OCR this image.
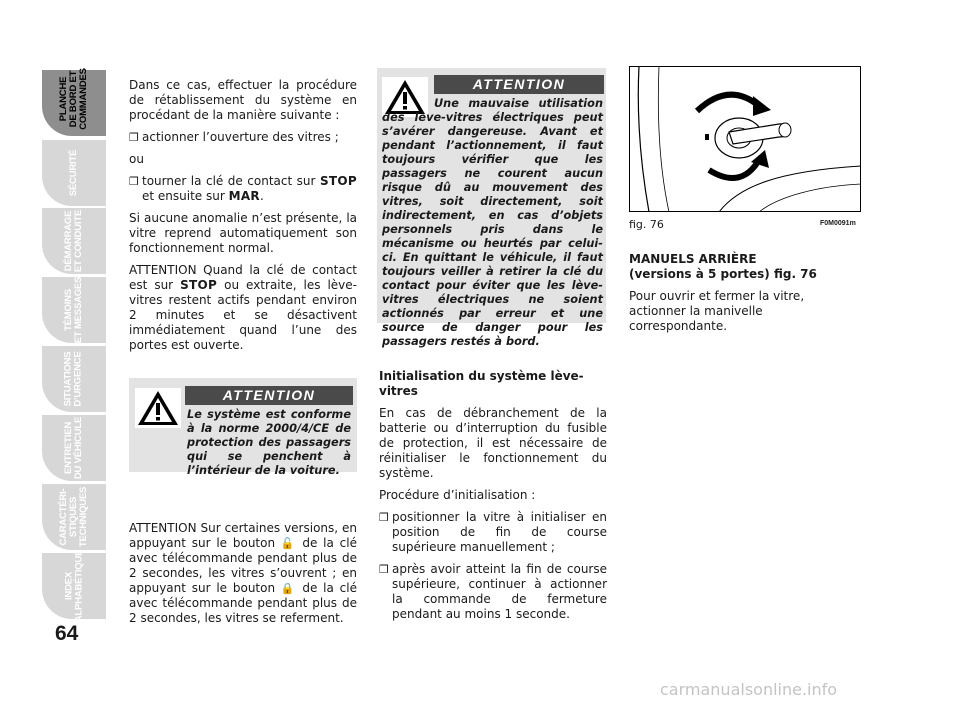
PLANCHE
DE BORD ET
COMMANDES
SÉCURITÉ
DÉMARRAGE
ET CONDUITE
TÉMOINS
ET MESSAGES
SITUATIONS
D’URGENCE
ENTRETIEN
DU VÉHICULE
CARACTÉRI-
STIQUES
TECHNIQUES
INDEX
ALPHABÉTIQUE
64

Dans ce cas, effectuer la procédure de rétablissement du système en procédant de la manière suivante :

❒ actionner l’ouverture des vitres ;

ou

❒ tourner la clé de contact sur STOP et ensuite sur MAR.

Si aucune anomalie n’est présente, la vitre reprend automatiquement son fonctionnement normal.

ATTENTION Quand la clé de contact est sur STOP ou extraite, les lève-vitres restent actifs pendant environ 2 minutes et se désactivent immédiatement quand l’une des portes est ouverte.

ATTENTION
Le système est conforme à la norme 2000/4/CE de protection des passagers qui se penchent à l’intérieur de la voiture.

ATTENTION Sur certaines versions, en appuyant sur le bouton 🔓 de la clé avec télécommande pendant plus de 2 secondes, les vitres s’ouvrent ; en appuyant sur le bouton 🔒 de la clé avec télécommande pendant plus de 2 secondes, les vitres se referment.

ATTENTION
Une mauvaise utilisation des lève-vitres électriques peut s’avérer dangereuse. Avant et pendant l’actionnement, il faut toujours vérifier que les passagers ne courent aucun risque dû au mouvement des vitres, soit directement, soit indirectement, en cas d’objets personnels pris dans le mécanisme ou heurtés par celui-ci. En quittant le véhicule, il faut toujours veiller à retirer la clé du contact pour éviter que les lève-vitres électriques ne soient actionnés par erreur et une source de danger pour les passagers restés à bord.
Initialisation du système lève-vitres

En cas de débranchement de la batterie ou d’interruption du fusible de protection, il est nécessaire de réinitialiser le fonctionnement du système.

Procédure d’initialisation :

❒ positionner la vitre à initialiser en position de fin de course supérieure manuellement ;
❒ après avoir atteint la fin de course supérieure, continuer à actionner la commande de fermeture pendant au moins 1 seconde.
fig. 76	F0M0091m
MANUELS ARRIÈRE
(versions à 5 portes) fig. 76

Pour ouvrir et fermer la vitre, actionner la manivelle correspondante.

carmanualsonline.info
